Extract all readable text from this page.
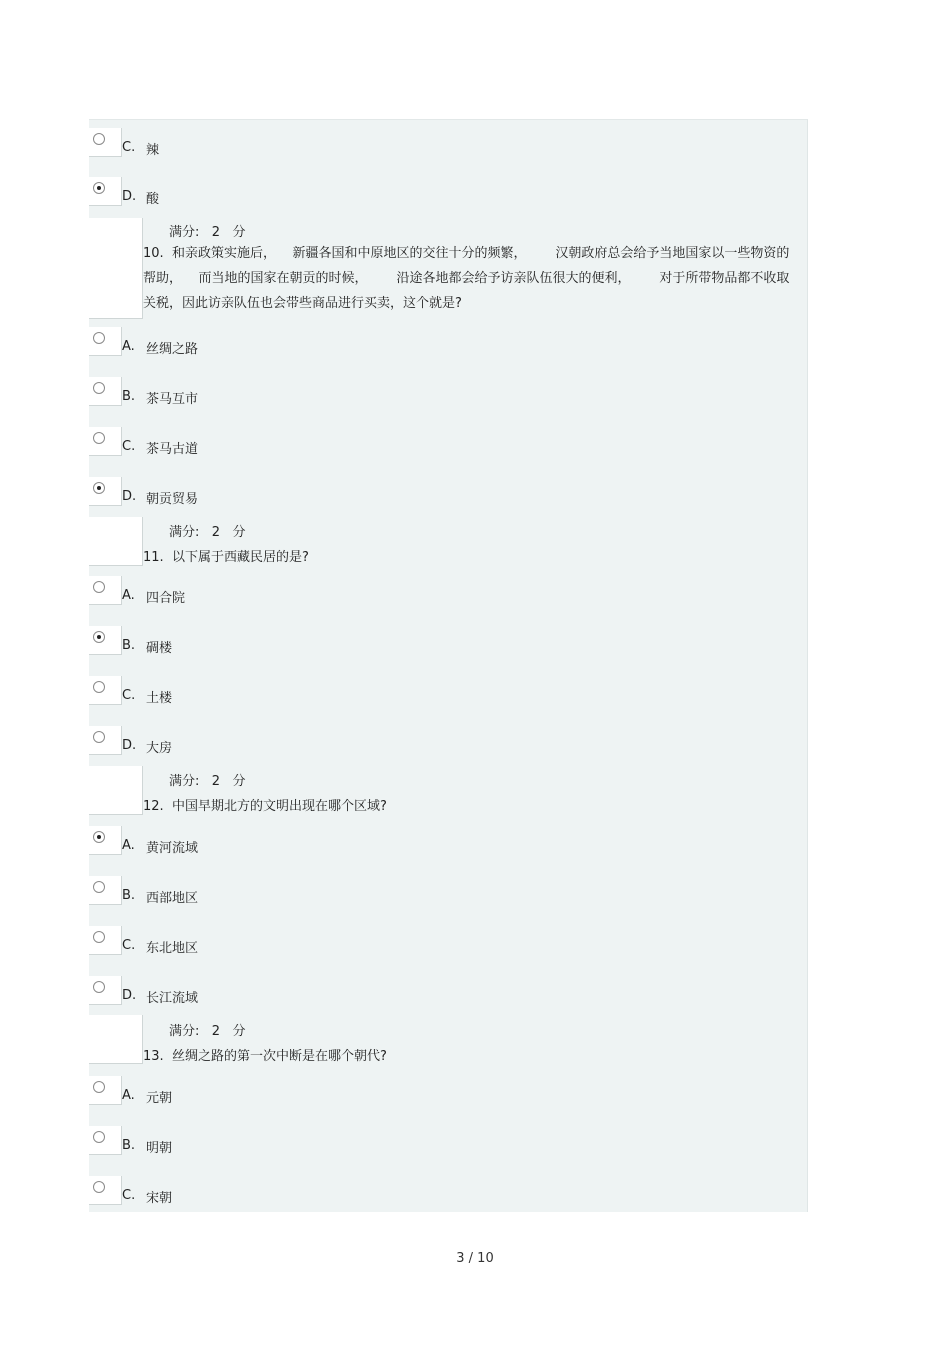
C. 辣
D. 酸
满分: 2 分
10. 和亲政策实施后，    新疆各国和中原地区的交往十分的频繁，       汉朝政府总会给予当地国家以一些物资的帮助，    而当地的国家在朝贡的时候，       沿途各地都会给予访亲队伍很大的便利，       对于所带物品都不收取关税，因此访亲队伍也会带些商品进行买卖，这个就是?
A. 丝绸之路
B. 茶马互市
C. 茶马古道
D. 朝贡贸易
满分: 2 分
11. 以下属于西藏民居的是?
A. 四合院
B. 碉楼
C. 土楼
D. 大房
满分: 2 分
12. 中国早期北方的文明出现在哪个区域?
A. 黄河流域
B. 西部地区
C. 东北地区
D. 长江流域
满分: 2 分
13. 丝绸之路的第一次中断是在哪个朝代?
A. 元朝
B. 明朝
C. 宋朝
3 / 10
